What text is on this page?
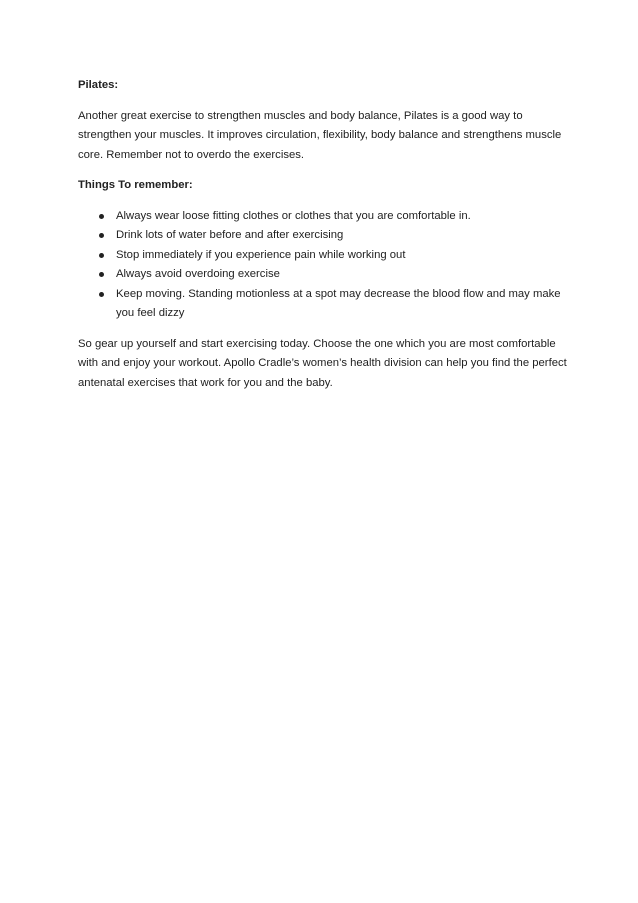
Pilates:

Another great exercise to strengthen muscles and body balance, Pilates is a good way to strengthen your muscles. It improves circulation, flexibility, body balance and strengthens muscle core. Remember not to overdo the exercises.

Things To remember:

Always wear loose fitting clothes or clothes that you are comfortable in.
Drink lots of water before and after exercising
Stop immediately if you experience pain while working out
Always avoid overdoing exercise
Keep moving. Standing motionless at a spot may decrease the blood flow and may make you feel dizzy

So gear up yourself and start exercising today. Choose the one which you are most comfortable with and enjoy your workout. Apollo Cradle’s women’s health division can help you find the perfect antenatal exercises that work for you and the baby.
